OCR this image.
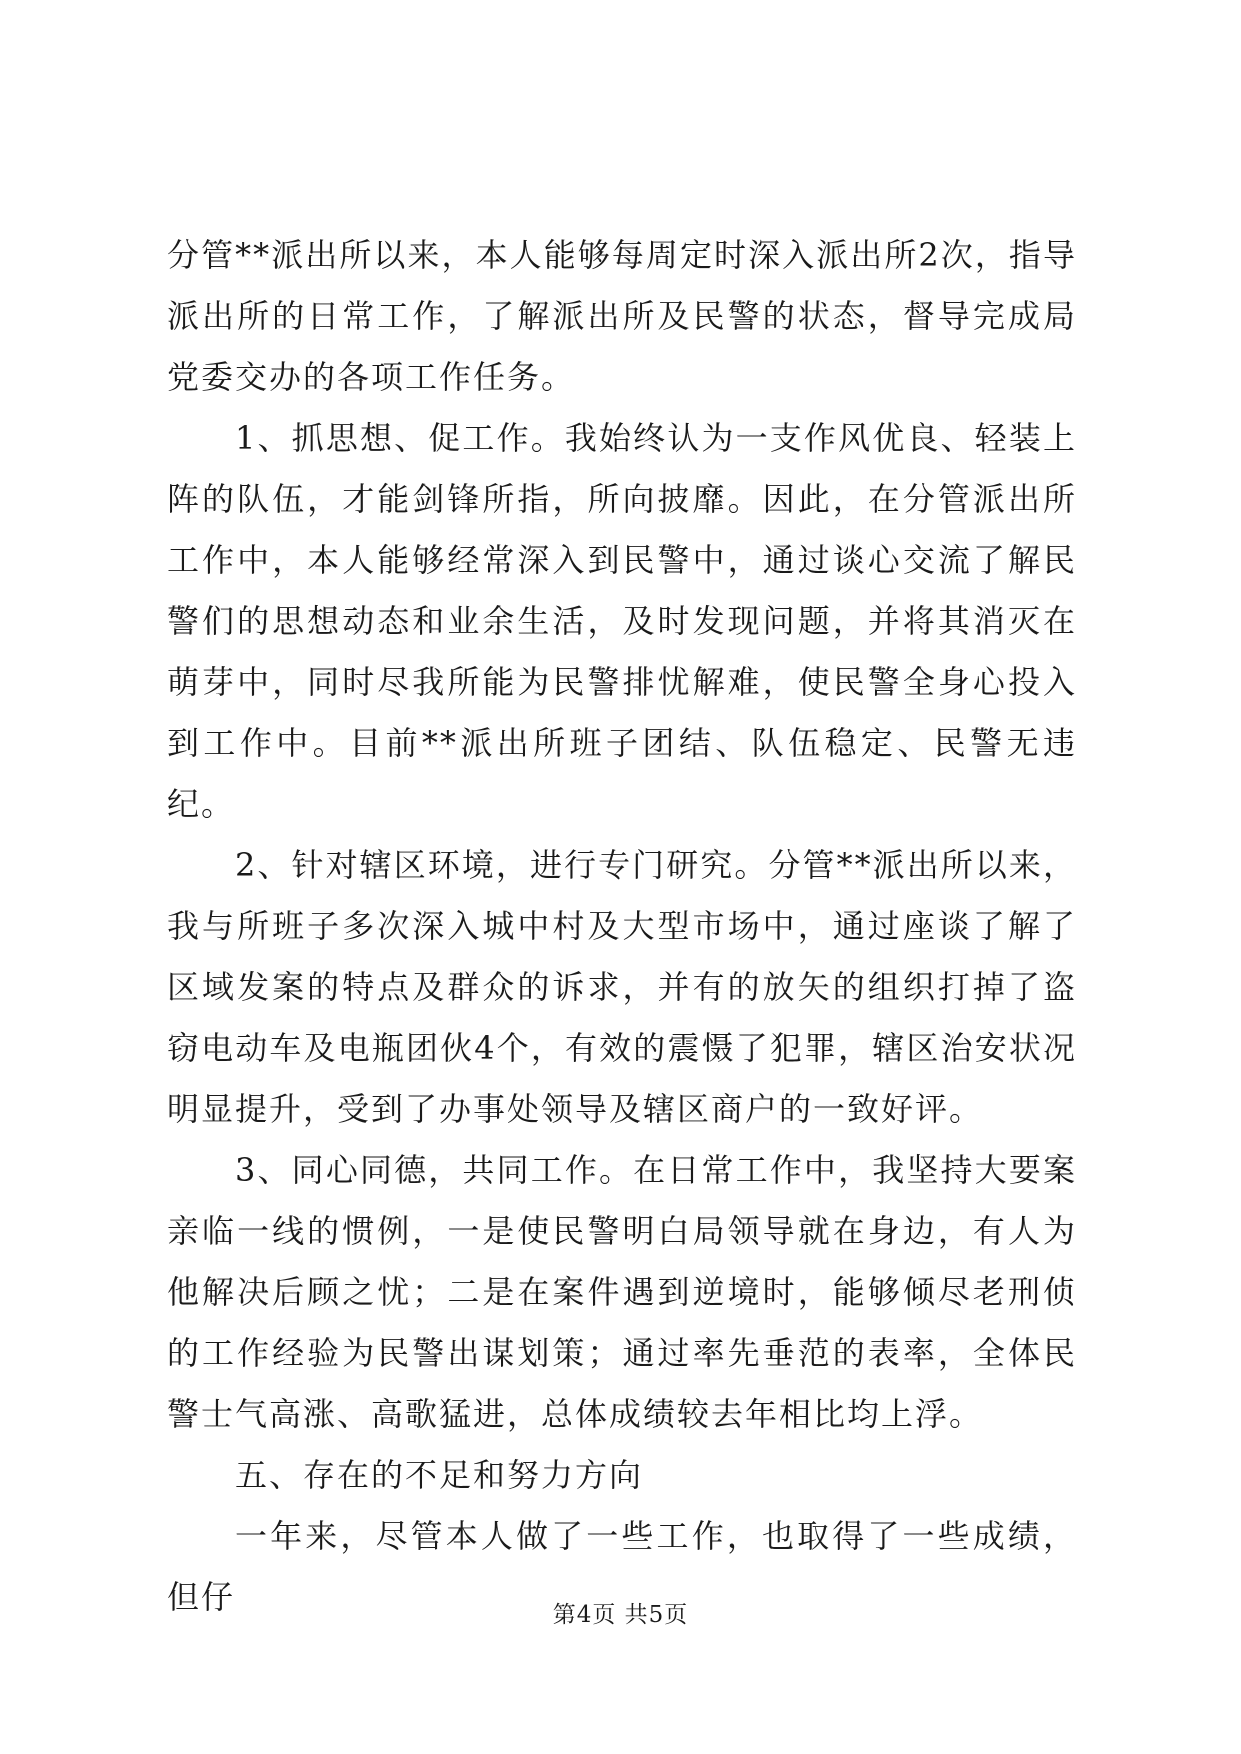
分管**派出所以来，本人能够每周定时深入派出所2次，指导派出所的日常工作，了解派出所及民警的状态，督导完成局党委交办的各项工作任务。

1、抓思想、促工作。我始终认为一支作风优良、轻装上阵的队伍，才能剑锋所指，所向披靡。因此，在分管派出所工作中，本人能够经常深入到民警中，通过谈心交流了解民警们的思想动态和业余生活，及时发现问题，并将其消灭在萌芽中，同时尽我所能为民警排忧解难，使民警全身心投入到工作中。目前**派出所班子团结、队伍稳定、民警无违纪。

2、针对辖区环境，进行专门研究。分管**派出所以来，我与所班子多次深入城中村及大型市场中，通过座谈了解了区域发案的特点及群众的诉求，并有的放矢的组织打掉了盗窃电动车及电瓶团伙4个，有效的震慑了犯罪，辖区治安状况明显提升，受到了办事处领导及辖区商户的一致好评。

3、同心同德，共同工作。在日常工作中，我坚持大要案亲临一线的惯例，一是使民警明白局领导就在身边，有人为他解决后顾之忧；二是在案件遇到逆境时，能够倾尽老刑侦的工作经验为民警出谋划策；通过率先垂范的表率，全体民警士气高涨、高歌猛进，总体成绩较去年相比均上浮。

五、存在的不足和努力方向

一年来，尽管本人做了一些工作，也取得了一些成绩，但仔	第4页 共5页
